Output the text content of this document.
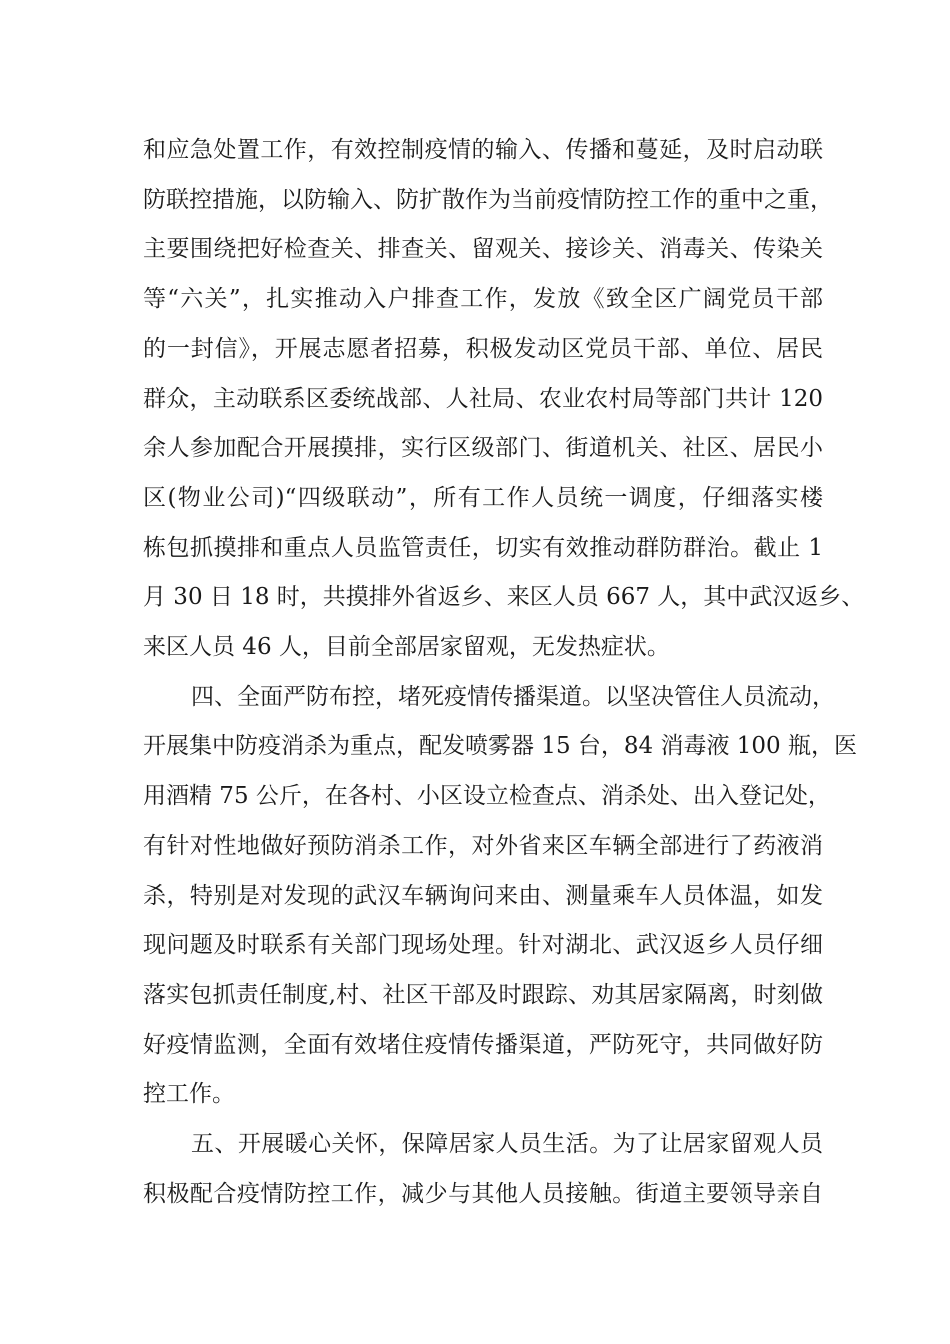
和应急处置工作，有效控制疫情的输入、传播和蔓延，及时启动联
防联控措施，以防输入、防扩散作为当前疫情防控工作的重中之重，
主要围绕把好检查关、排查关、留观关、接诊关、消毒关、传染关
等“六关”，扎实推动入户排查工作，发放《致全区广阔党员干部
的一封信》，开展志愿者招募，积极发动区党员干部、单位、居民
群众，主动联系区委统战部、人社局、农业农村局等部门共计 120
余人参加配合开展摸排，实行区级部门、街道机关、社区、居民小
区(物业公司)“四级联动”，所有工作人员统一调度，仔细落实楼
栋包抓摸排和重点人员监管责任，切实有效推动群防群治。截止 1
月 30 日 18 时，共摸排外省返乡、来区人员 667 人，其中武汉返乡、
来区人员 46 人，目前全部居家留观，无发热症状。
四、全面严防布控，堵死疫情传播渠道。以坚决管住人员流动，
开展集中防疫消杀为重点，配发喷雾器 15 台，84 消毒液 100 瓶，医
用酒精 75 公斤，在各村、小区设立检查点、消杀处、出入登记处，
有针对性地做好预防消杀工作，对外省来区车辆全部进行了药液消
杀，特别是对发现的武汉车辆询问来由、测量乘车人员体温，如发
现问题及时联系有关部门现场处理。针对湖北、武汉返乡人员仔细
落实包抓责任制度,村、社区干部及时跟踪、劝其居家隔离，时刻做
好疫情监测，全面有效堵住疫情传播渠道，严防死守，共同做好防
控工作。
五、开展暖心关怀，保障居家人员生活。为了让居家留观人员
积极配合疫情防控工作，减少与其他人员接触。街道主要领导亲自
